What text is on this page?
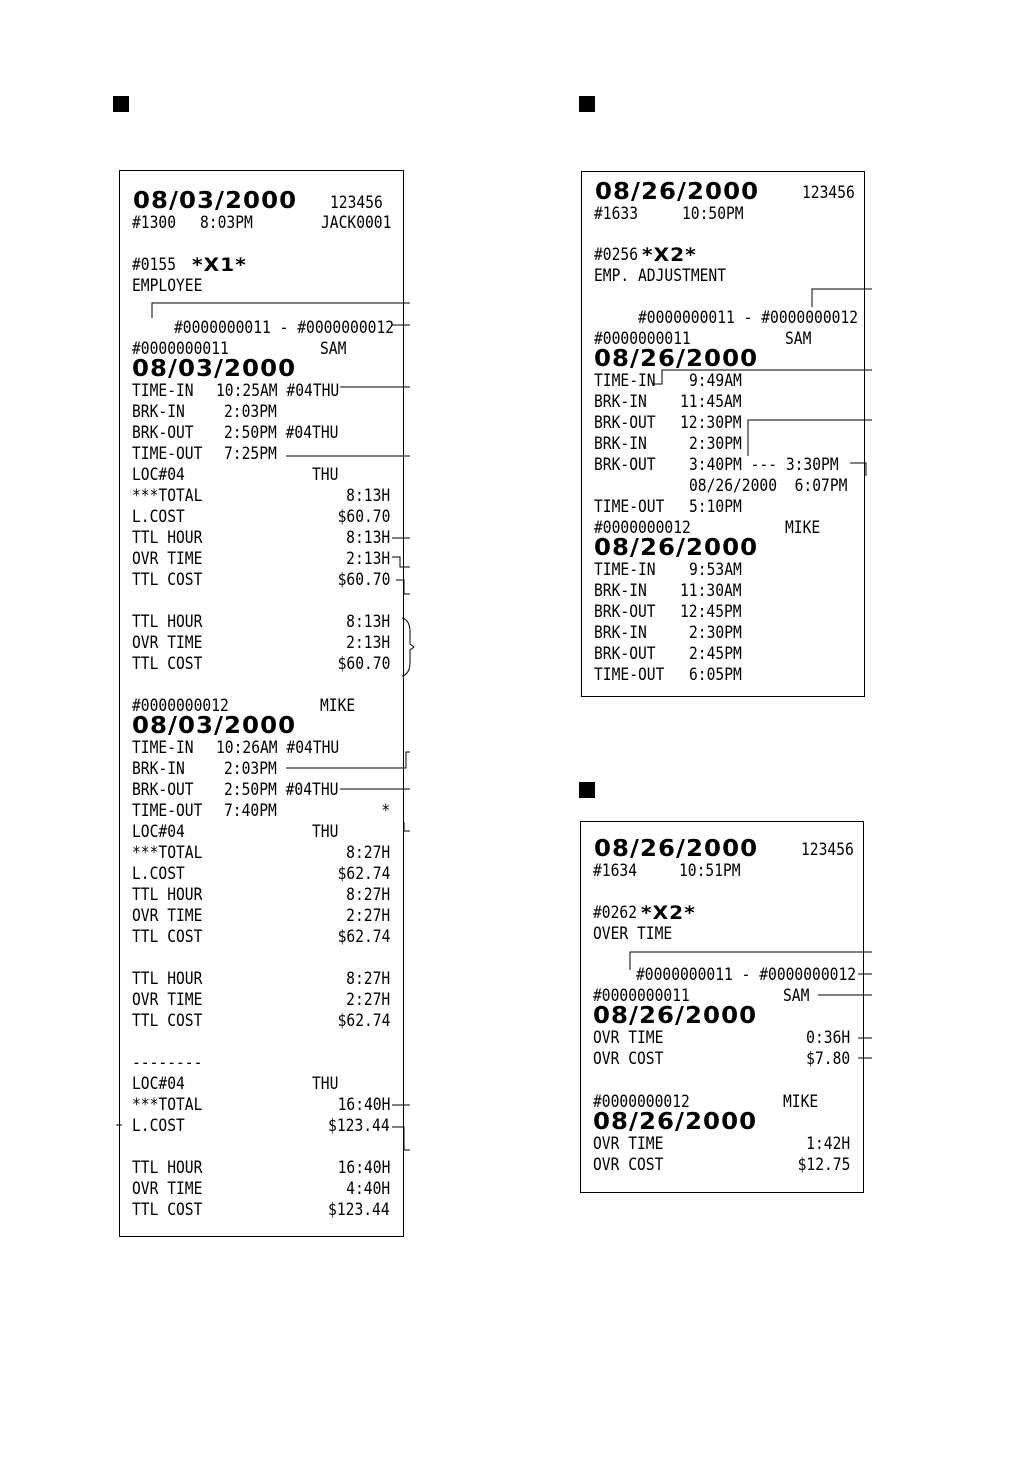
08/03/2000 123456
#1300 8:03PM	JACK0001
#0155 *X1*
EMPLOYEE
#0000000011 - #0000000012
#0000000011	SAM
08/03/2000
TIME-IN 10:25AM #04THU
BRK-IN 2:03PM
BRK-OUT 2:50PM #04THU
TIME-OUT 7:25PM
LOC#04	THU
***TOTAL	8:13H
L.COST	$60.70
TTL HOUR	8:13H
OVR TIME	2:13H
TTL COST	$60.70
TTL HOUR	8:13H
OVR TIME	2:13H
TTL COST	$60.70
#0000000012	MIKE
08/03/2000
TIME-IN 10:26AM #04THU
BRK-IN 2:03PM
BRK-OUT 2:50PM #04THU
TIME-OUT 7:40PM	*
LOC#04	THU
***TOTAL	8:27H
L.COST	$62.74
TTL HOUR	8:27H
OVR TIME	2:27H
TTL COST	$62.74
TTL HOUR	8:27H
OVR TIME	2:27H
TTL COST	$62.74
--------
LOC#04	THU
***TOTAL	16:40H
L.COST	$123.44
TTL HOUR	16:40H
OVR TIME	4:40H
TTL COST	$123.44
08/26/2000	123456
#1633	10:50PM
#0256 *X2*
EMP. ADJUSTMENT
#0000000011 - #0000000012
#0000000011	SAM
08/26/2000
TIME-IN 9:49AM
BRK-IN 11:45AM
BRK-OUT 12:30PM
BRK-IN 2:30PM
BRK-OUT 3:40PM --- 3:30PM
08/26/2000  6:07PM
TIME-OUT 5:10PM
#0000000012	MIKE
08/26/2000
TIME-IN 9:53AM
BRK-IN 11:30AM
BRK-OUT 12:45PM
BRK-IN 2:30PM
BRK-OUT 2:45PM
TIME-OUT 6:05PM
08/26/2000	123456
#1634 10:51PM
#0262 *X2*
OVER TIME
#0000000011 - #0000000012
#0000000011	SAM
08/26/2000
OVR TIME	0:36H
OVR COST	$7.80
#0000000012	MIKE
08/26/2000
OVR TIME	1:42H
OVR COST	$12.75
